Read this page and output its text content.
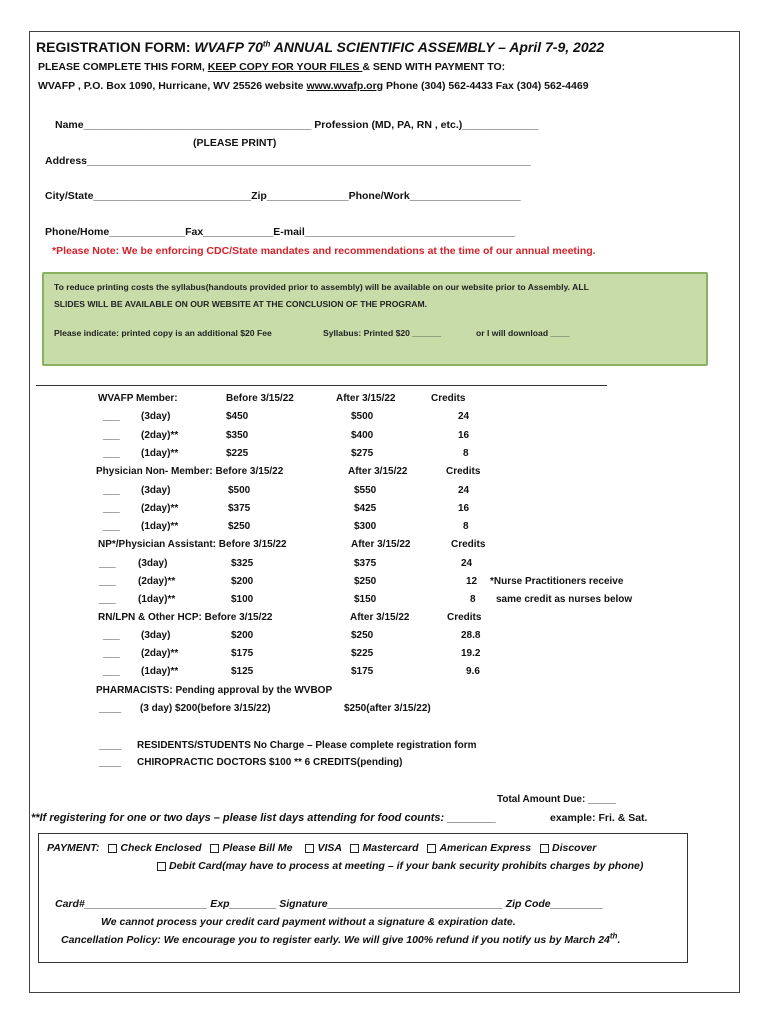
REGISTRATION FORM: WVAFP 70th ANNUAL SCIENTIFIC ASSEMBLY – April 7-9, 2022
PLEASE COMPLETE THIS FORM, KEEP COPY FOR YOUR FILES & SEND WITH PAYMENT TO:
WVAFP , P.O. Box 1090, Hurricane, WV 25526 website www.wvafp.org Phone (304) 562-4433 Fax (304) 562-4469
Name_______________________________________ Profession (MD, PA, RN , etc.)_____________
(PLEASE PRINT)
Address____________________________________________________________________________
City/State___________________________Zip______________Phone/Work___________________
Phone/Home_____________Fax____________E-mail____________________________________
*Please Note: We be enforcing CDC/State mandates and recommendations at the time of our annual meeting.
To reduce printing costs the syllabus(handouts provided prior to assembly) will be available on our website prior to Assembly. ALL
SLIDES WILL BE AVAILABLE ON OUR WEBSITE AT THE CONCLUSION OF THE PROGRAM.
Please indicate: printed copy is an additional $20 Fee	Syllabus: Printed $20 ______	or I will download ____
WVAFP Member:	Before 3/15/22	After 3/15/22	Credits
___ (3day)	$450	$500	24
___ (2day)**	$350	$400	16
___ (1day)**	$225	$275	8
Physician Non- Member: Before 3/15/22	After 3/15/22	Credits
___ (3day)	$500	$550	24
___ (2day)**	$375	$425	16
___ (1day)**	$250	$300	8
NP*/Physician Assistant: Before 3/15/22	After 3/15/22	Credits
___ (3day)	$325	$375	24
___ (2day)**	$200	$250	12 *Nurse Practitioners receive
___ (1day)**	$100	$150	8 same credit as nurses below
RN/LPN & Other HCP: Before 3/15/22	After 3/15/22	Credits
___ (3day)	$200	$250	28.8
___ (2day)**	$175	$225	19.2
___ (1day)**	$125	$175	9.6
PHARMACISTS: Pending approval by the WVBOP
____ (3 day) $200(before 3/15/22)	$250(after 3/15/22)
____ RESIDENTS/STUDENTS No Charge – Please complete registration form
____ CHIROPRACTIC DOCTORS $100 ** 6 CREDITS(pending)
Total Amount Due: _____
**If registering for one or two days – please list days attending for food counts: ________	example: Fri. & Sat.
PAYMENT: Check Enclosed Please Bill Me VISA Mastercard American Express Discover
Debit Card(may have to process at meeting – if your bank security prohibits charges by phone)
Card#_____________________ Exp________ Signature______________________________ Zip Code_________
We cannot process your credit card payment without a signature & expiration date.
Cancellation Policy: We encourage you to register early. We will give 100% refund if you notify us by March 24th.
